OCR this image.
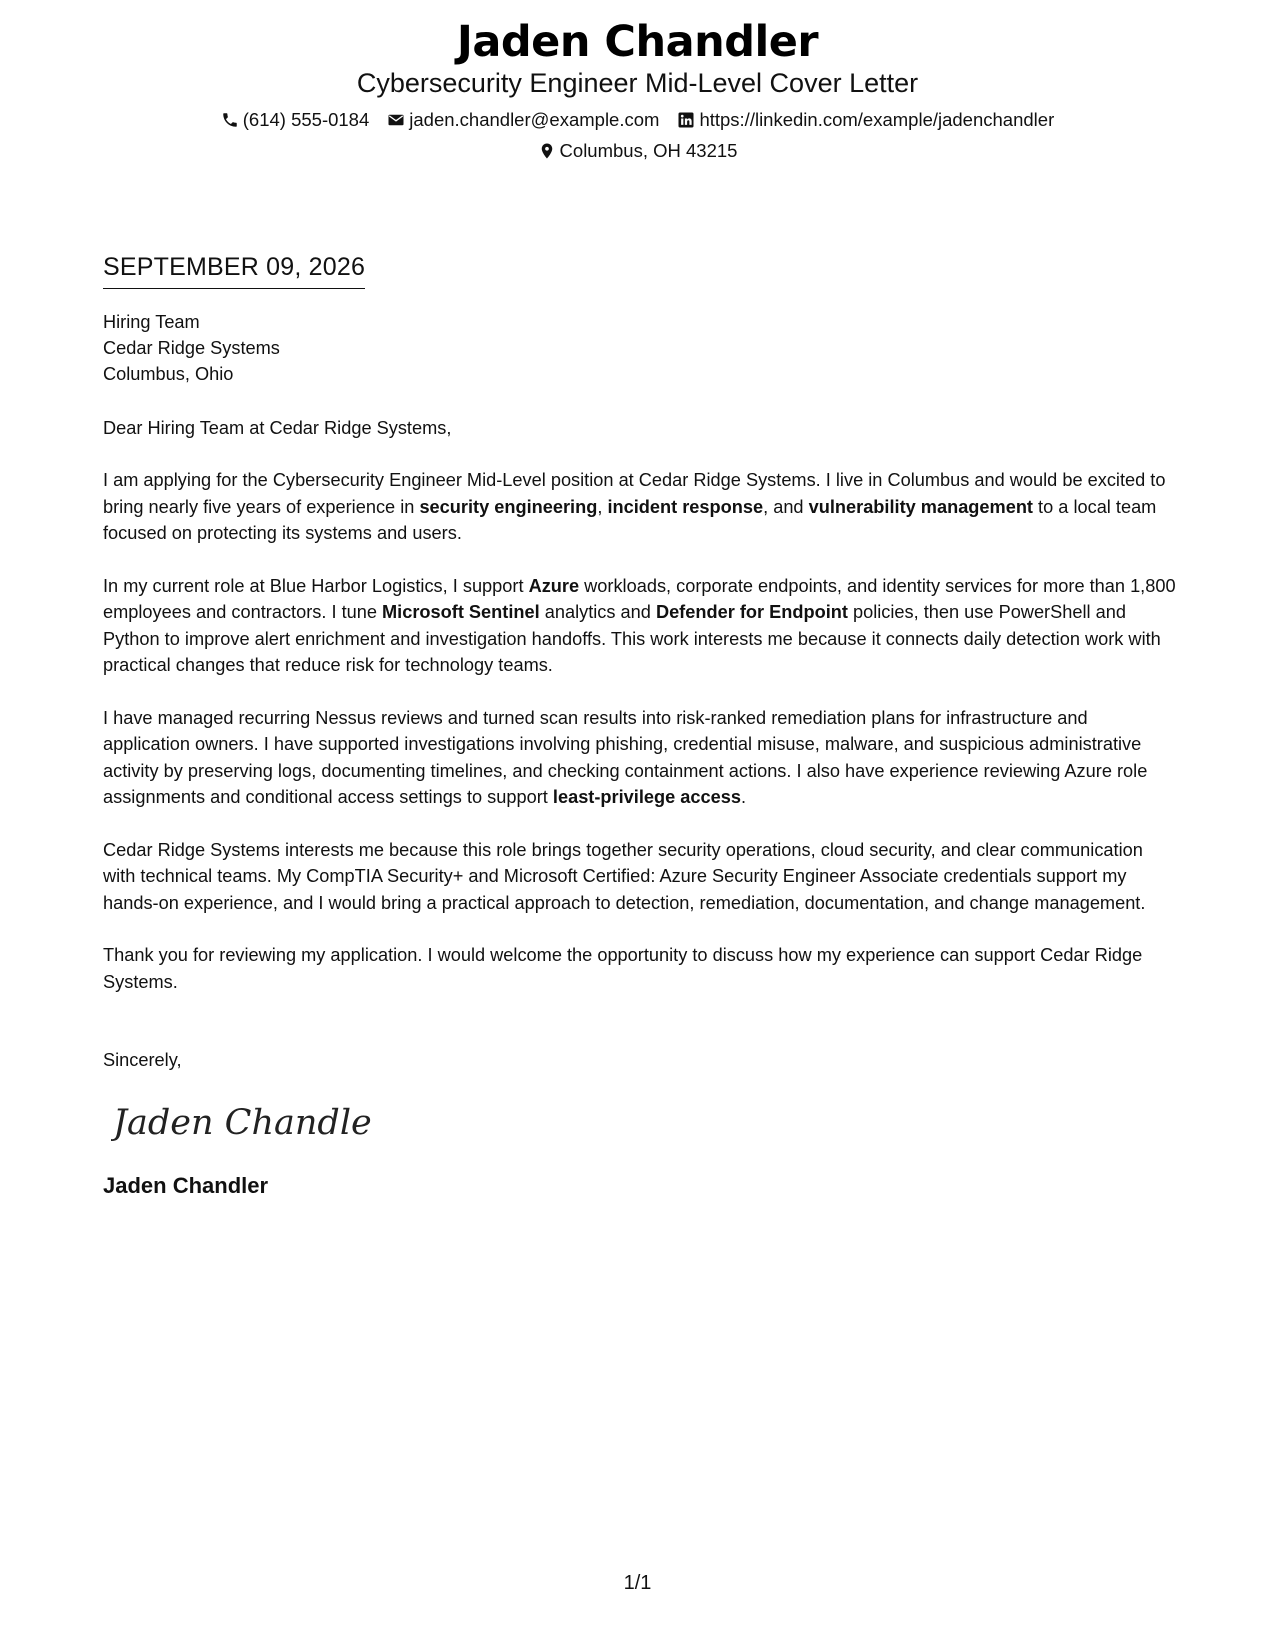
Jaden Chandler
Cybersecurity Engineer Mid-Level Cover Letter
(614) 555-0184 jaden.chandler@example.com https://linkedin.com/example/jadenchandler
Columbus, OH 43215
SEPTEMBER 09, 2026
Hiring Team
Cedar Ridge Systems
Columbus, Ohio
Dear Hiring Team at Cedar Ridge Systems,
I am applying for the Cybersecurity Engineer Mid-Level position at Cedar Ridge Systems. I live in Columbus and would be excited to bring nearly five years of experience in security engineering, incident response, and vulnerability management to a local team focused on protecting its systems and users.
In my current role at Blue Harbor Logistics, I support Azure workloads, corporate endpoints, and identity services for more than 1,800 employees and contractors. I tune Microsoft Sentinel analytics and Defender for Endpoint policies, then use PowerShell and Python to improve alert enrichment and investigation handoffs. This work interests me because it connects daily detection work with practical changes that reduce risk for technology teams.
I have managed recurring Nessus reviews and turned scan results into risk-ranked remediation plans for infrastructure and application owners. I have supported investigations involving phishing, credential misuse, malware, and suspicious administrative activity by preserving logs, documenting timelines, and checking containment actions. I also have experience reviewing Azure role assignments and conditional access settings to support least-privilege access.
Cedar Ridge Systems interests me because this role brings together security operations, cloud security, and clear communication with technical teams. My CompTIA Security+ and Microsoft Certified: Azure Security Engineer Associate credentials support my hands-on experience, and I would bring a practical approach to detection, remediation, documentation, and change management.
Thank you for reviewing my application. I would welcome the opportunity to discuss how my experience can support Cedar Ridge Systems.
Sincerely,
Jaden Chandler
Jaden Chandler
1/1
